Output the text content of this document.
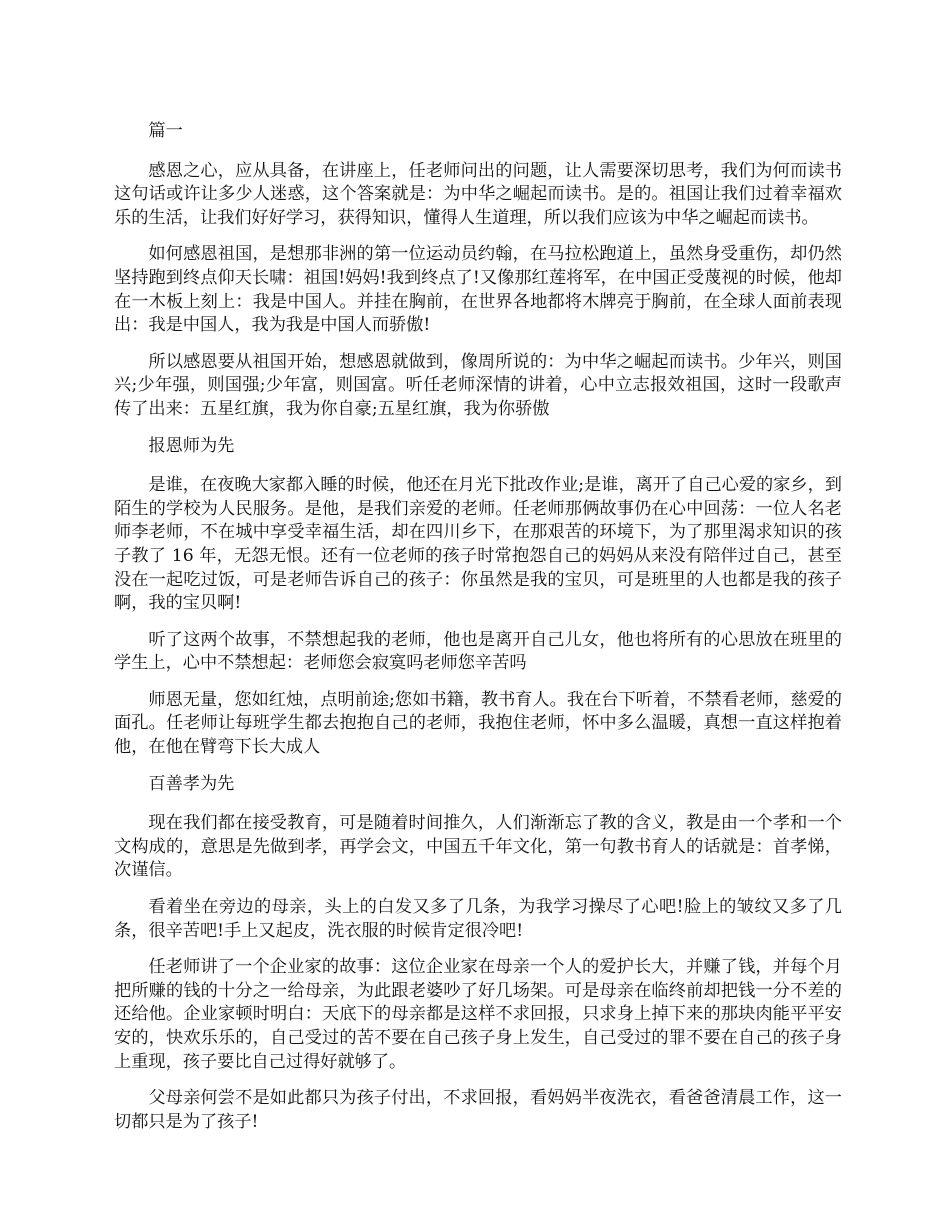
篇一

感恩之心，应从具备，在讲座上，任老师问出的问题，让人需要深切思考，我们为何而读书这句话或许让多少人迷惑，这个答案就是：为中华之崛起而读书。是的。祖国让我们过着幸福欢乐的生活，让我们好好学习，获得知识，懂得人生道理，所以我们应该为中华之崛起而读书。

如何感恩祖国，是想那非洲的第一位运动员约翰，在马拉松跑道上，虽然身受重伤，却仍然坚持跑到终点仰天长啸：祖国!妈妈!我到终点了!又像那红莲将军，在中国正受蔑视的时候，他却在一木板上刻上：我是中国人。并挂在胸前，在世界各地都将木牌亮于胸前，在全球人面前表现出：我是中国人，我为我是中国人而骄傲!

所以感恩要从祖国开始，想感恩就做到，像周所说的：为中华之崛起而读书。少年兴，则国兴;少年强，则国强;少年富，则国富。听任老师深情的讲着，心中立志报效祖国，这时一段歌声传了出来：五星红旗，我为你自豪;五星红旗，我为你骄傲

报恩师为先

是谁，在夜晚大家都入睡的时候，他还在月光下批改作业;是谁，离开了自己心爱的家乡，到陌生的学校为人民服务。是他，是我们亲爱的老师。任老师那俩故事仍在心中回荡：一位人名老师李老师，不在城中享受幸福生活，却在四川乡下，在那艰苦的环境下，为了那里渴求知识的孩子教了 16 年，无怨无恨。还有一位老师的孩子时常抱怨自己的妈妈从来没有陪伴过自己，甚至没在一起吃过饭，可是老师告诉自己的孩子：你虽然是我的宝贝，可是班里的人也都是我的孩子啊，我的宝贝啊!

听了这两个故事，不禁想起我的老师，他也是离开自己儿女，他也将所有的心思放在班里的学生上，心中不禁想起：老师您会寂寞吗老师您辛苦吗

师恩无量，您如红烛，点明前途;您如书籍，教书育人。我在台下听着，不禁看老师，慈爱的面孔。任老师让每班学生都去抱抱自己的老师，我抱住老师，怀中多么温暖，真想一直这样抱着他，在他在臂弯下长大成人

百善孝为先

现在我们都在接受教育，可是随着时间推久，人们渐渐忘了教的含义，教是由一个孝和一个文构成的，意思是先做到孝，再学会文，中国五千年文化，第一句教书育人的话就是：首孝悌，次谨信。

看着坐在旁边的母亲，头上的白发又多了几条，为我学习操尽了心吧!脸上的皱纹又多了几条，很辛苦吧!手上又起皮，洗衣服的时候肯定很冷吧!

任老师讲了一个企业家的故事：这位企业家在母亲一个人的爱护长大，并赚了钱，并每个月把所赚的钱的十分之一给母亲，为此跟老婆吵了好几场架。可是母亲在临终前却把钱一分不差的还给他。企业家顿时明白：天底下的母亲都是这样不求回报，只求身上掉下来的那块肉能平平安安的，快欢乐乐的，自己受过的苦不要在自己孩子身上发生，自己受过的罪不要在自己的孩子身上重现，孩子要比自己过得好就够了。

父母亲何尝不是如此都只为孩子付出，不求回报，看妈妈半夜洗衣，看爸爸清晨工作，这一切都只是为了孩子!
